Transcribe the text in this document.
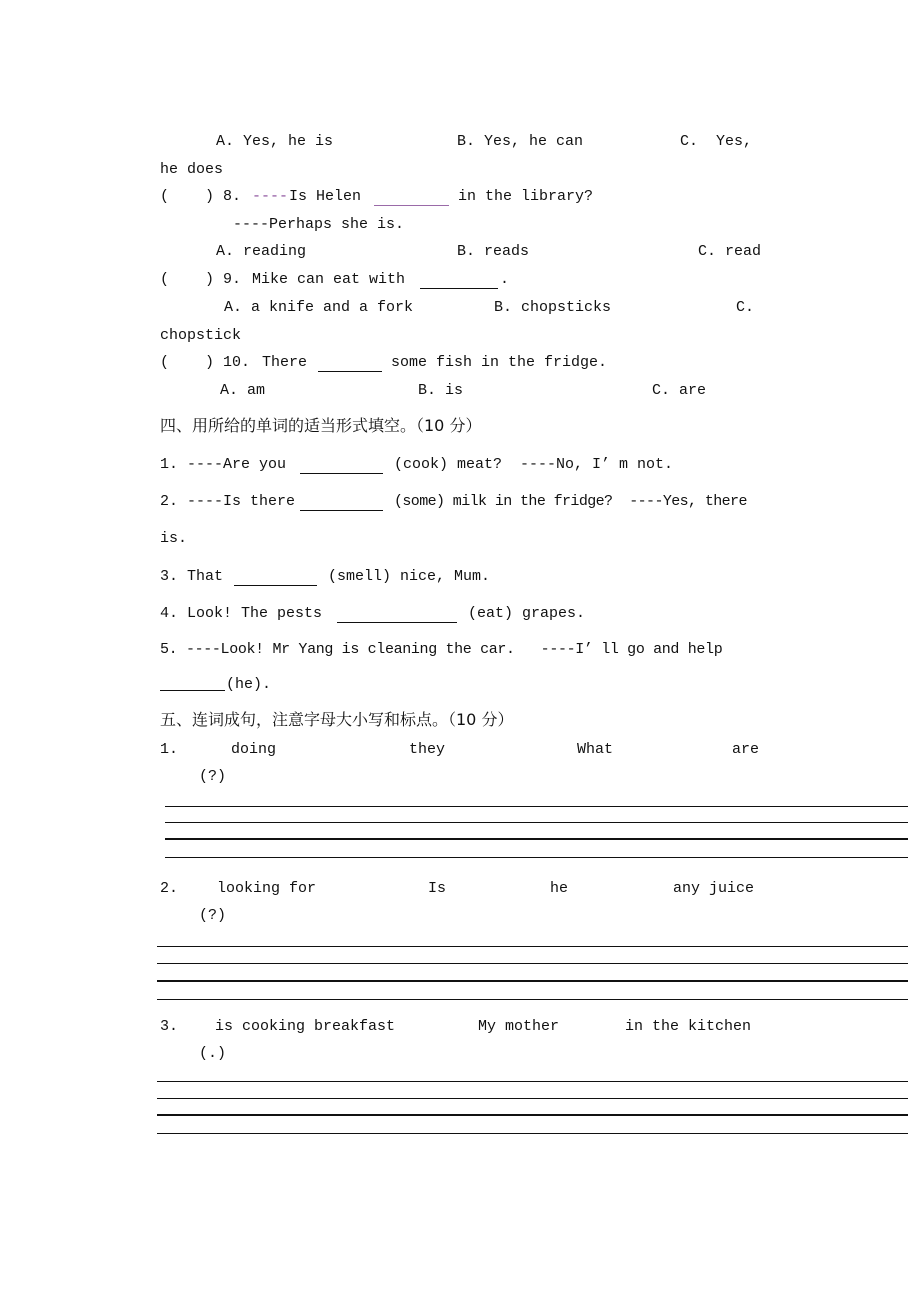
A. Yes, he is	B. Yes, he can	C.  Yes,
he does
(    ) 8. ---- Is Helen	in the library?
----Perhaps she is.
A. reading	B. reads	C. read
(    ) 9. Mike can eat with	.
A. a knife and a fork	B. chopsticks	C.
chopstick
(    ) 10. There	some fish in the fridge.
A. am	B. is	C. are
四、用所给的单词的适当形式填空。（10 分）
1. ----Are you	(cook) meat?  ----No, I’ m not.
2. ----Is there	(some) milk in the fridge?  ----Yes, there
is.
3. That	(smell) nice, Mum.
4. Look! The pests	(eat) grapes.
5. ----Look! Mr Yang is cleaning the car.   ----I’ ll go and help
(he).
五、连词成句，注意字母大小写和标点。（10 分）
1.	doing	they	What	are
(?)
2.	looking for	Is	he	any juice
(?)
3. is cooking breakfast	My mother	in the kitchen
(.)
